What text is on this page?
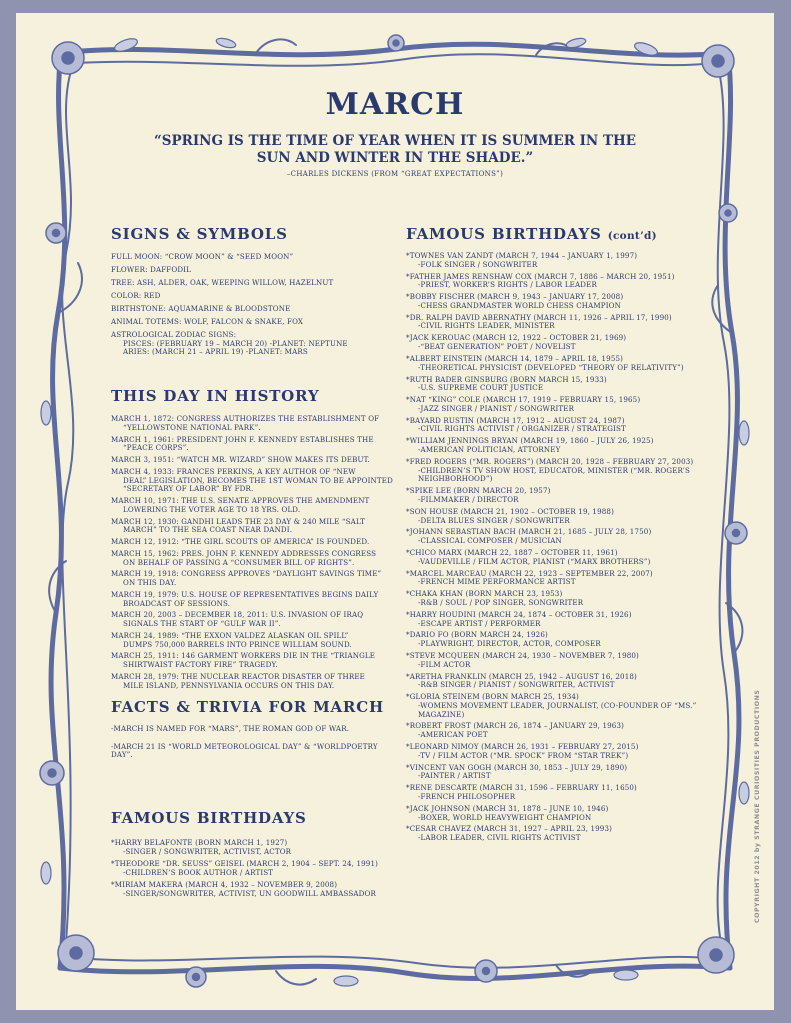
MARCH

“SPRING IS THE TIME OF YEAR WHEN IT IS SUMMER IN THE SUN AND WINTER IN THE SHADE.”

–CHARLES DICKENS (FROM “GREAT EXPECTATIONS”)

SIGNS & SYMBOLS

FULL MOON: “CROW MOON” & “SEED MOON”

FLOWER: DAFFODIL

TREE: ASH, ALDER, OAK, WEEPING WILLOW, HAZELNUT

COLOR: RED

BIRTHSTONE: AQUAMARINE & BLOODSTONE

ANIMAL TOTEMS: WOLF, FALCON & SNAKE, FOX

ASTROLOGICAL ZODIAC SIGNS:

PISCES: (FEBRUARY 19 – MARCH 20) -PLANET: NEPTUNE

ARIES: (MARCH 21 – APRIL 19) -PLANET: MARS

THIS DAY IN HISTORY

MARCH 1, 1872: CONGRESS AUTHORIZES THE ESTABLISHMENT OF
“YELLOWSTONE NATIONAL PARK”.

MARCH 1, 1961: PRESIDENT JOHN F. KENNEDY ESTABLISHES THE
“PEACE CORPS”.

MARCH 3, 1951: “WATCH MR. WIZARD” SHOW MAKES ITS DEBUT.

MARCH 4, 1933: FRANCES PERKINS, A KEY AUTHOR OF “NEW
DEAL” LEGISLATION, BECOMES THE 1ST WOMAN TO BE APPOINTED “SECRETARY OF LABOR” BY FDR.

MARCH 10, 1971: THE U.S. SENATE APPROVES THE AMENDMENT
LOWERING THE VOTER AGE TO 18 YRS. OLD.

MARCH 12, 1930: GANDHI LEADS THE 23 DAY & 240 MILE “SALT
MARCH” TO THE SEA COAST NEAR DANDI.

MARCH 12, 1912: “THE GIRL SCOUTS OF AMERICA” IS FOUNDED.

MARCH 15, 1962: PRES. JOHN F. KENNEDY ADDRESSES CONGRESS
ON BEHALF OF PASSING A “CONSUMER BILL OF RIGHTS”.

MARCH 19, 1918: CONGRESS APPROVES “DAYLIGHT SAVINGS TIME”
ON THIS DAY.

MARCH 19, 1979: U.S. HOUSE OF REPRESENTATIVES BEGINS DAILY
BROADCAST OF SESSIONS.

MARCH 20, 2003 – DECEMBER 18, 2011: U.S. INVASION OF IRAQ
SIGNALS THE START OF “GULF WAR II”.

MARCH 24, 1989: “THE EXXON VALDEZ ALASKAN OIL SPILL”
DUMPS 750,000 BARRELS INTO PRINCE WILLIAM SOUND.

MARCH 25, 1911: 146 GARMENT WORKERS DIE IN THE “TRIANGLE
SHIRTWAIST FACTORY FIRE” TRAGEDY.

MARCH 28, 1979: THE NUCLEAR REACTOR DISASTER OF THREE
MILE ISLAND, PENNSYLVANIA OCCURS ON THIS DAY.

FACTS & TRIVIA FOR MARCH

-MARCH IS NAMED FOR “MARS”, THE ROMAN GOD OF WAR.

-MARCH 21 IS “WORLD METEOROLOGICAL DAY” & “WORLDPOETRY DAY”.

FAMOUS BIRTHDAYS

*HARRY BELAFONTE (BORN MARCH 1, 1927)
-SINGER / SONGWRITER, ACTIVIST, ACTOR

*THEODORE “DR. SEUSS” GEISEL (MARCH 2, 1904 – SEPT. 24, 1991)
-CHILDREN’S BOOK AUTHOR / ARTIST

*MIRIAM MAKERA (MARCH 4, 1932 – NOVEMBER 9, 2008)
-SINGER/SONGWRITER, ACTIVIST, UN GOODWILL AMBASSADOR

FAMOUS BIRTHDAYS (cont’d)

*TOWNES VAN ZANDT (MARCH 7, 1944 – JANUARY 1, 1997)
-FOLK SINGER / SONGWRITER

*FATHER JAMES RENSHAW COX (MARCH 7, 1886 – MARCH 20, 1951)
-PRIEST, WORKER’S RIGHTS / LABOR LEADER

*BOBBY FISCHER (MARCH 9, 1943 – JANUARY 17, 2008)
-CHESS GRANDMASTER WORLD CHESS CHAMPION

*DR. RALPH DAVID ABERNATHY (MARCH 11, 1926 – APRIL 17, 1990)
-CIVIL RIGHTS LEADER, MINISTER

*JACK KEROUAC (MARCH 12, 1922 – OCTOBER 21, 1969)
-“BEAT GENERATION” POET / NOVELIST

*ALBERT EINSTEIN (MARCH 14, 1879 – APRIL 18, 1955)
-THEORETICAL PHYSICIST (DEVELOPED “THEORY OF RELATIVITY”)

*RUTH BADER GINSBURG (BORN MARCH 15, 1933)
-U.S. SUPREME COURT JUSTICE

*NAT “KING” COLE (MARCH 17, 1919 – FEBRUARY 15, 1965)
-JAZZ SINGER / PIANIST / SONGWRITER

*BAYARD RUSTIN (MARCH 17, 1912 – AUGUST 24, 1987)
-CIVIL RIGHTS ACTIVIST / ORGANIZER / STRATEGIST

*WILLIAM JENNINGS BRYAN (MARCH 19, 1860 – JULY 26, 1925)
-AMERICAN POLITICIAN, ATTORNEY

*FRED ROGERS (“MR. ROGERS”) (MARCH 20, 1928 – FEBRUARY 27, 2003)
-CHILDREN’S TV SHOW HOST, EDUCATOR, MINISTER (“MR. ROGER’S NEIGHBORHOOD”)

*SPIKE LEE (BORN MARCH 20, 1957)
-FILMMAKER / DIRECTOR

*SON HOUSE (MARCH 21, 1902 – OCTOBER 19, 1988)
-DELTA BLUES SINGER / SONGWRITER

*JOHANN SEBASTIAN BACH (MARCH 21, 1685 – JULY 28, 1750)
-CLASSICAL COMPOSER / MUSICIAN

*CHICO MARX (MARCH 22, 1887 – OCTOBER 11, 1961)
-VAUDEVILLE / FILM ACTOR, PIANIST (“MARX BROTHERS”)

*MARCEL MARCEAU (MARCH 22, 1923 – SEPTEMBER 22, 2007)
-FRENCH MIME PERFORMANCE ARTIST

*CHAKA KHAN (BORN MARCH 23, 1953)
-R&B / SOUL / POP SINGER, SONGWRITER

*HARRY HOUDINI (MARCH 24, 1874 – OCTOBER 31, 1926)
-ESCAPE ARTIST / PERFORMER

*DARIO FO (BORN MARCH 24, 1926)
-PLAYWRIGHT, DIRECTOR, ACTOR, COMPOSER

*STEVE MCQUEEN (MARCH 24, 1930 – NOVEMBER 7, 1980)
-FILM ACTOR

*ARETHA FRANKLIN (MARCH 25, 1942 – AUGUST 16, 2018)
-R&B SINGER / PIANIST / SONGWRITER, ACTIVIST

*GLORIA STEINEM (BORN MARCH 25, 1934)
-WOMENS MOVEMENT LEADER, JOURNALIST, (CO-FOUNDER OF “MS.” MAGAZINE)

*ROBERT FROST (MARCH 26, 1874 – JANUARY 29, 1963)
-AMERICAN POET

*LEONARD NIMOY (MARCH 26, 1931 – FEBRUARY 27, 2015)
-TV / FILM ACTOR (“MR. SPOCK” FROM “STAR TREK”)

*VINCENT VAN GOGH (MARCH 30, 1853 – JULY 29, 1890)
-PAINTER / ARTIST

*RENE DESCARTE (MARCH 31, 1596 – FEBRUARY 11, 1650)
-FRENCH PHILOSOPHER

*JACK JOHNSON (MARCH 31, 1878 – JUNE 10, 1946)
-BOXER, WORLD HEAVYWEIGHT CHAMPION

*CESAR CHAVEZ (MARCH 31, 1927 – APRIL 23, 1993)
-LABOR LEADER, CIVIL RIGHTS ACTIVIST	COPYRIGHT 2012 by STRANGE CURIOSITIES PRODUCTIONS
